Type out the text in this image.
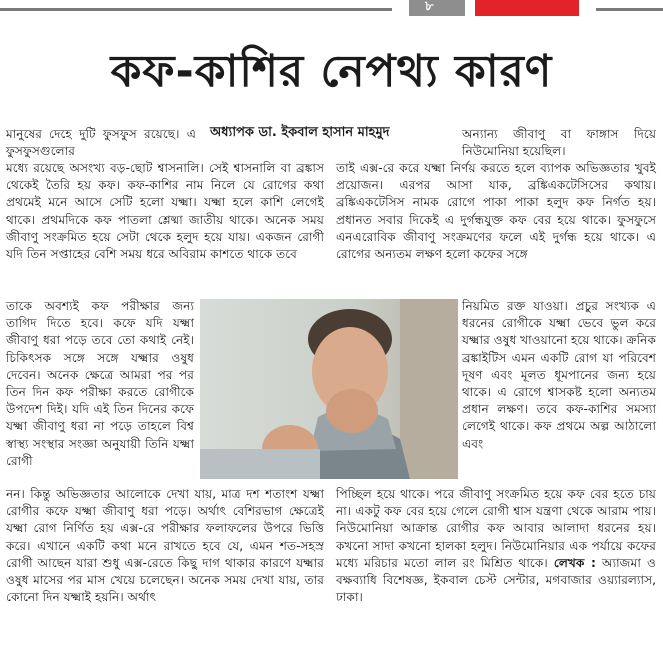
৮
কফ-কাশির নেপথ্য কারণ
মানুষের দেহে দুটি ফুসফুস রয়েছে। এ ফুসফুসগুলোর
অধ্যাপক ডা. ইকবাল হাসান মাহমুদ	অন্যান্য জীবাণু বা ফাঙ্গাস দিয়ে নিউমোনিয়া হয়েছিল।
মধ্যে রয়েছে অসংখ্য বড়-ছোট শ্বাসনালি। সেই শ্বাসনালি বা ব্রঙ্কাস থেকেই তৈরি হয় কফ। কফ-কাশির নাম নিলে যে রোগের কথা প্রথমেই মনে আসে সেটি হলো যক্ষ্মা। যক্ষ্মা হলে কাশি লেগেই থাকে। প্রথমদিকে কফ পাতলা শ্লেষ্মা জাতীয় থাকে। অনেক সময় জীবাণু সংক্রমিত হয়ে সেটা থেকে হলুদ হয়ে যায়। একজন রোগী যদি তিন সপ্তাহের বেশি সময় ধরে অবিরাম কাশতে থাকে তবে
তাই এক্স-রে করে যক্ষ্মা নির্ণয় করতে হলে ব্যাপক অভিজ্ঞতার খুবই প্রয়োজন। এরপর আসা যাক, ব্রঙ্কিএকটেসিসের কথায়। ব্রঙ্কিএকটেসিস নামক রোগে পাকা পাকা হলুদ কফ নির্গত হয়। প্রধানত সবার দিকেই এ দুর্গন্ধযুক্ত কফ বের হয়ে থাকে। ফুসফুসে এনএরোবিক জীবাণু সংক্রমণের ফলে এই দুর্গন্ধ হয়ে থাকে। এ রোগের অন্যতম লক্ষণ হলো কফের সঙ্গে
তাকে অবশ্যই কফ পরীক্ষার জন্য তাগিদ দিতে হবে। কফে যদি যক্ষ্মা জীবাণু ধরা পড়ে তবে তো কথাই নেই। চিকিৎসক সঙ্গে সঙ্গে যক্ষ্মার ওষুধ দেবেন। অনেক ক্ষেত্রে আমরা পর পর তিন দিন কফ পরীক্ষা করতে রোগীকে উপদেশ দিই। যদি এই তিন দিনের কফে যক্ষ্মা জীবাণু ধরা না পড়ে তাহলে বিশ্ব স্বাস্থ্য সংস্থার সংজ্ঞা অনুযায়ী তিনি যক্ষ্মা রোগী
নিয়মিত রক্ত যাওয়া। প্রচুর সংখ্যক এ ধরনের রোগীকে যক্ষ্মা ভেবে ভুল করে যক্ষ্মার ওষুধ খাওয়ানো হয়ে থাকে। ক্রনিক ব্রঙ্কাইটিস এমন একটি রোগ যা পরিবেশ দূষণ এবং মূলত ধূমপানের জন্য হয়ে থাকে। এ রোগে শ্বাসকষ্ট হলো অন্যতম প্রধান লক্ষণ। তবে কফ-কাশির সমস্যা লেগেই থাকে। কফ প্রথমে অল্প আঠালো এবং
নন। কিন্তু অভিজ্ঞতার আলোকে দেখা যায়, মাত্র দশ শতাংশ যক্ষ্মা রোগীর কফে যক্ষ্মা জীবাণু ধরা পড়ে। অর্থাৎ বেশিরভাগ ক্ষেত্রেই যক্ষ্মা রোগ নির্ণিত হয় এক্স-রে পরীক্ষার ফলাফলের উপরে ভিত্তি করে। এখানে একটি কথা মনে রাখতে হবে যে, এমন শত-সহস্র রোগী আছেন যারা শুধু এক্স-রেতে কিছু দাগ থাকার কারণে যক্ষ্মার ওষুধ মাসের পর মাস খেয়ে চলেছেন। অনেক সময় দেখা যায়, তার কোনো দিন যক্ষ্মাই হয়নি। অর্থাৎ
পিচ্ছিল হয়ে থাকে। পরে জীবাণু সংক্রমিত হয়ে কফ বের হতে চায় না। একটু কফ বের হয়ে গেলে রোগী শ্বাস যন্ত্রণা থেকে আরাম পায়। নিউমোনিয়া আক্রান্ত রোগীর কফ আবার আলাদা ধরনের হয়। কখনো সাদা কখনো হালকা হলুদ। নিউমোনিয়ার এক পর্যায়ে কফের মধ্যে মরিচার মতো লাল রং মিশ্রিত থাকে। লেখক : অ্যাজমা ও বক্ষব্যাধি বিশেষজ্ঞ, ইকবাল চেস্ট সেন্টার, মগবাজার ওয়্যারল্যাস, ঢাকা।
